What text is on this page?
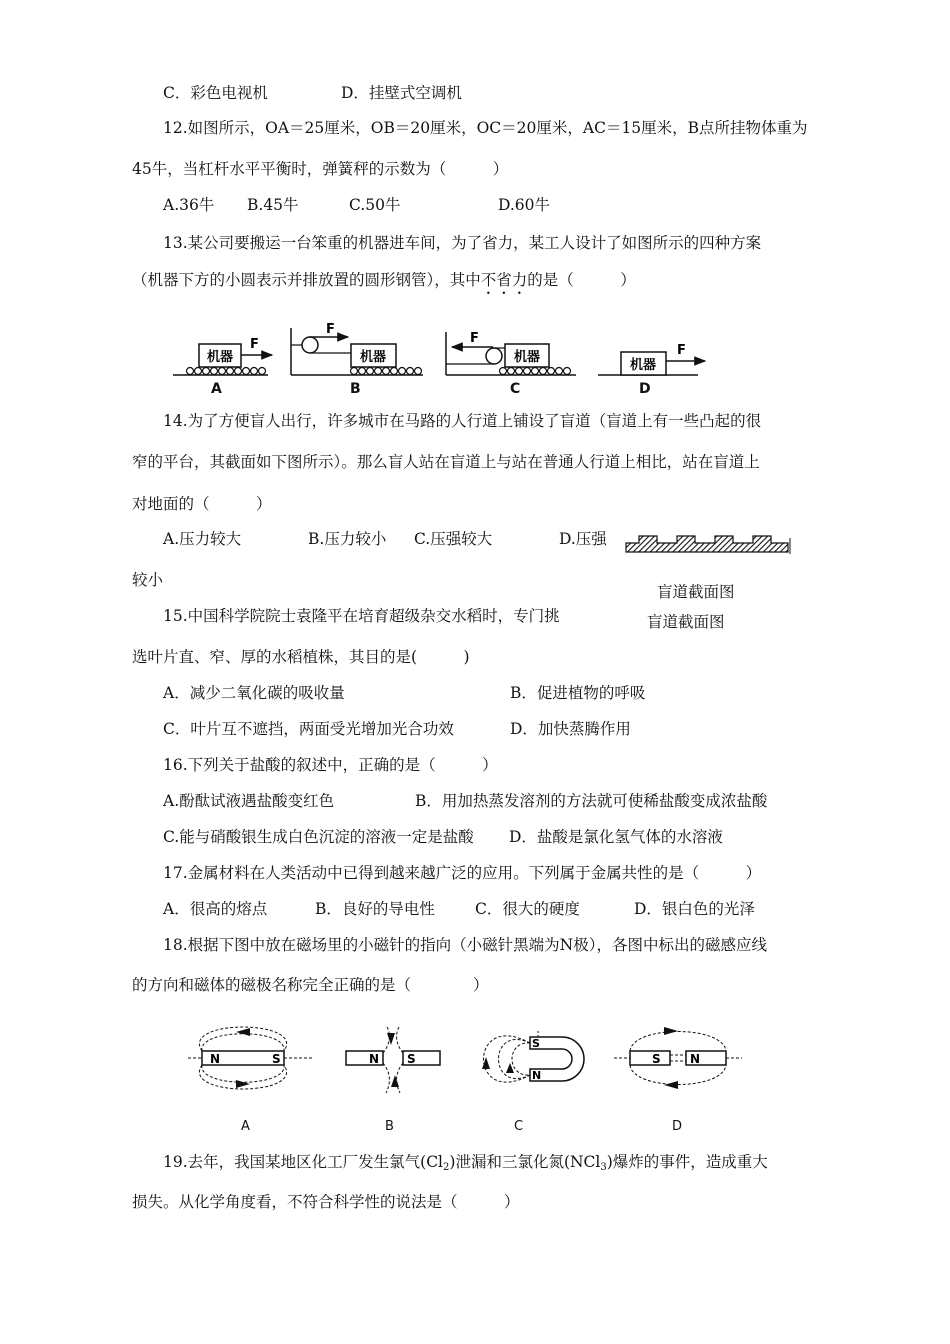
C．彩色电视机	D．挂壁式空调机
12.如图所示，OA＝25厘米，OB＝20厘米，OC＝20厘米，AC＝15厘米，B点所挂物体重为
45牛，当杠杆水平平衡时，弹簧秤的示数为（　　　）
A.36牛 B.45牛	C.50牛	D.60牛
13.某公司要搬运一台笨重的机器进车间，为了省力，某工人设计了如图所示的四种方案
（机器下方的小圆表示并排放置的圆形钢管），其中不省力的是（　　　）
机器
F
F
机器
F
机器
机器
F
A	B	C	D
14.为了方便盲人出行，许多城市在马路的人行道上铺设了盲道（盲道上有一些凸起的很
窄的平台，其截面如下图所示）。那么盲人站在盲道上与站在普通人行道上相比，站在盲道上
对地面的（　　　）
A.压力较大	B.压力较小 C.压强较大	D.压强
较小
盲道截面图
盲道截面图
15.中国科学院院士袁隆平在培育超级杂交水稻时，专门挑
选叶片直、窄、厚的水稻植株，其目的是(　　　)
A．减少二氧化碳的吸收量	B．促进植物的呼吸
C．叶片互不遮挡，两面受光增加光合功效	D．加快蒸腾作用
16.下列关于盐酸的叙述中，正确的是（　　　）
A.酚酞试液遇盐酸变红色	B．用加热蒸发溶剂的方法就可使稀盐酸变成浓盐酸
C.能与硝酸银生成白色沉淀的溶液一定是盐酸 D．盐酸是氯化氢气体的水溶液
17.金属材料在人类活动中已得到越来越广泛的应用。下列属于金属共性的是（　　　）
A．很高的熔点	B．良好的导电性	C．很大的硬度	D．银白色的光泽
18.根据下图中放在磁场里的小磁针的指向（小磁针黑端为N极），各图中标出的磁感应线
的方向和磁体的磁极名称完全正确的是（　　　　）
N	S	N S
S
N
S N
A	B	C	D
19.去年，我国某地区化工厂发生氯气$(Cl_2)$泄漏和三氯化氮(NCl$_3$)爆炸的事件，造成重大
损失。从化学角度看，不符合科学性的说法是（　　　）
